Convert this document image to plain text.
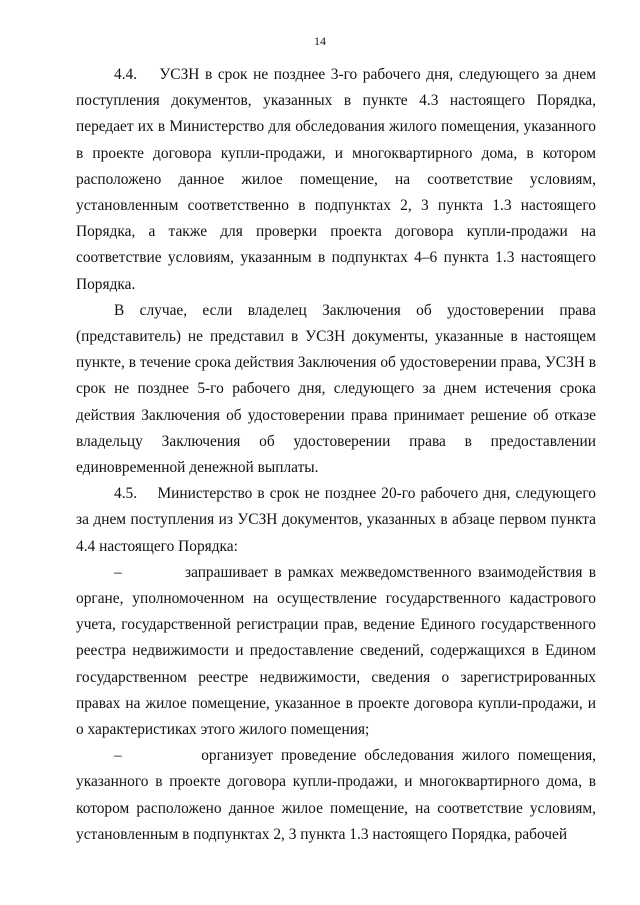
14

4.4.    УСЗН в срок не позднее 3-го рабочего дня, следующего за днем поступления документов, указанных в пункте 4.3 настоящего Порядка, передает их в Министерство для обследования жилого помещения, указанного в проекте договора купли-продажи, и многоквартирного дома, в котором расположено данное жилое помещение, на соответствие условиям, установленным соответственно в подпунктах 2, 3 пункта 1.3 настоящего Порядка, а также для проверки проекта договора купли-продажи на соответствие условиям, указанным в подпунктах 4–6 пункта 1.3 настоящего Порядка.

В случае, если владелец Заключения об удостоверении права (представитель) не представил в УСЗН документы, указанные в настоящем пункте, в течение срока действия Заключения об удостоверении права, УСЗН в срок не позднее 5-го рабочего дня, следующего за днем истечения срока действия Заключения об удостоверении права принимает решение об отказе владельцу Заключения об удостоверении права в предоставлении единовременной денежной выплаты.

4.5.    Министерство в срок не позднее 20-го рабочего дня, следующего за днем поступления из УСЗН документов, указанных в абзаце первом пункта 4.4 настоящего Порядка:

–          запрашивает в рамках межведомственного взаимодействия в органе, уполномоченном на осуществление государственного кадастрового учета, государственной регистрации прав, ведение Единого государственного реестра недвижимости и предоставление сведений, содержащихся в Едином государственном реестре недвижимости, сведения о зарегистрированных правах на жилое помещение, указанное в проекте договора купли-продажи, и о характеристиках этого жилого помещения;

–          организует проведение обследования жилого помещения, указанного в проекте договора купли-продажи, и многоквартирного дома, в котором расположено данное жилое помещение, на соответствие условиям, установленным в подпунктах 2, 3 пункта 1.3 настоящего Порядка, рабочей
